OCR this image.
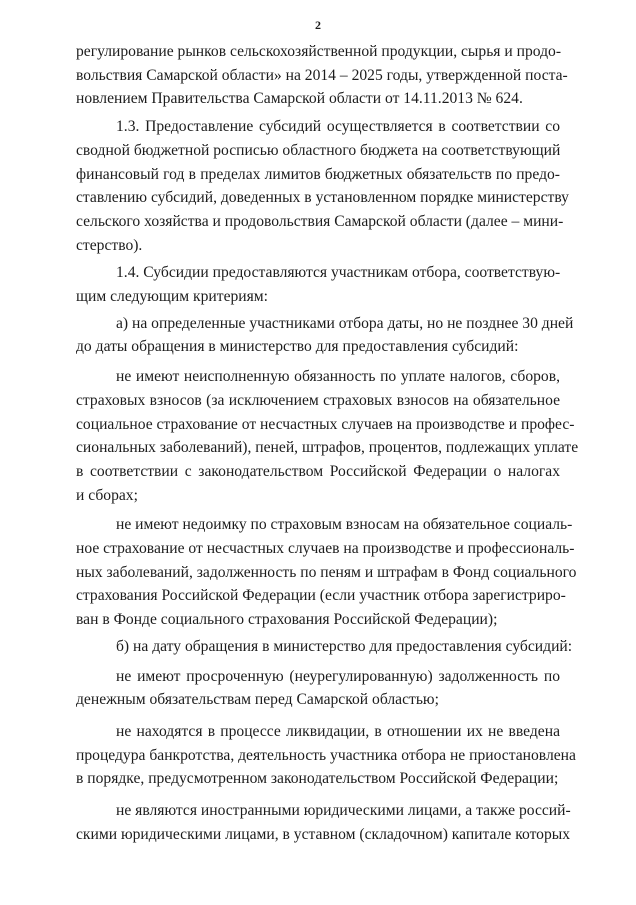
2
регулирование рынков сельскохозяйственной продукции, сырья и продо-
вольствия Самарской области» на 2014 – 2025 годы, утвержденной поста-
новлением Правительства Самарской области от 14.11.2013 № 624.
1.3. Предоставление субсидий осуществляется в соответствии со
сводной бюджетной росписью областного бюджета на соответствующий
финансовый год в пределах лимитов бюджетных обязательств по предо-
ставлению субсидий, доведенных в установленном порядке министерству
сельского хозяйства и продовольствия Самарской области (далее – мини-
стерство).
1.4. Субсидии предоставляются участникам отбора, соответствую-
щим следующим критериям:
а) на определенные участниками отбора даты, но не позднее 30 дней
до даты обращения в министерство для предоставления субсидий:
не имеют неисполненную обязанность по уплате налогов, сборов,
страховых взносов (за исключением страховых взносов на обязательное
социальное страхование от несчастных случаев на производстве и профес-
сиональных заболеваний), пеней, штрафов, процентов, подлежащих уплате
в соответствии с законодательством Российской Федерации о налогах
и сборах;
не имеют недоимку по страховым взносам на обязательное социаль-
ное страхование от несчастных случаев на производстве и профессиональ-
ных заболеваний, задолженность по пеням и штрафам в Фонд социального
страхования Российской Федерации (если участник отбора зарегистриро-
ван в Фонде социального страхования Российской Федерации);
б) на дату обращения в министерство для предоставления субсидий:
не имеют просроченную (неурегулированную) задолженность по
денежным обязательствам перед Самарской областью;
не находятся в процессе ликвидации, в отношении их не введена
процедура банкротства, деятельность участника отбора не приостановлена
в порядке, предусмотренном законодательством Российской Федерации;
не являются иностранными юридическими лицами, а также россий-
скими юридическими лицами, в уставном (складочном) капитале которых
